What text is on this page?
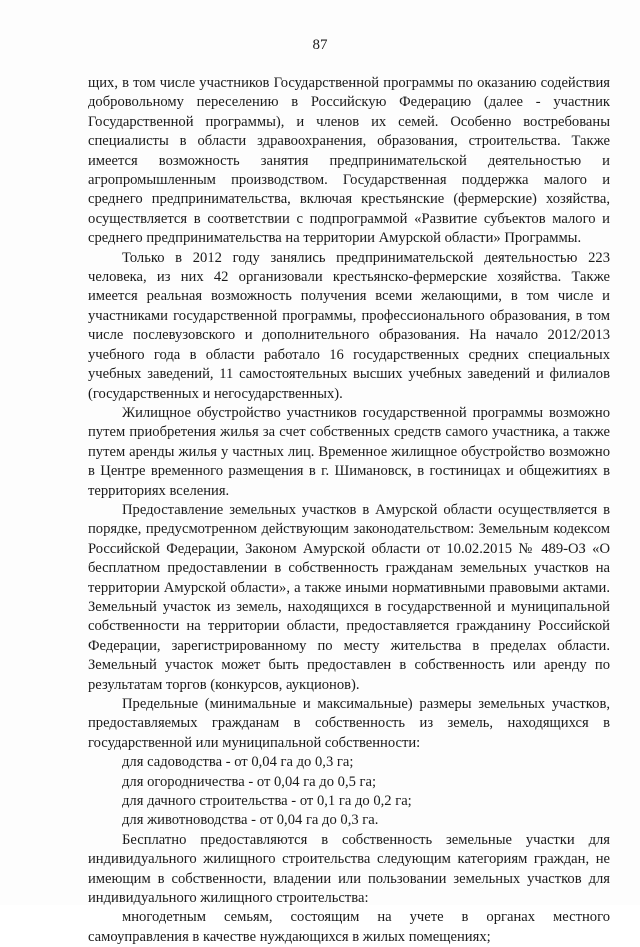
87

щих, в том числе участников Государственной программы по оказанию содействия добровольному переселению в Российскую Федерацию (далее - участник Государственной программы), и членов их семей. Особенно востребованы специалисты в области здравоохранения, образования, строительства. Также имеется возможность занятия предпринимательской деятельностью и агропромышленным производством. Государственная поддержка малого и среднего предпринимательства, включая крестьянские (фермерские) хозяйства, осуществляется в соответствии с подпрограммой «Развитие субъектов малого и среднего предпринимательства на территории Амурской области» Программы.

Только в 2012 году занялись предпринимательской деятельностью 223 человека, из них 42 организовали крестьянско-фермерские хозяйства. Также имеется реальная возможность получения всеми желающими, в том числе и участниками государственной программы, профессионального образования, в том числе послевузовского и дополнительного образования. На начало 2012/2013 учебного года в области работало 16 государственных средних специальных учебных заведений, 11 самостоятельных высших учебных заведений и филиалов (государственных и негосударственных).

Жилищное обустройство участников государственной программы возможно путем приобретения жилья за счет собственных средств самого участника, а также путем аренды жилья у частных лиц. Временное жилищное обустройство возможно в Центре временного размещения в г. Шимановск, в гостиницах и общежитиях в территориях вселения.

Предоставление земельных участков в Амурской области осуществляется в порядке, предусмотренном действующим законодательством: Земельным кодексом Российской Федерации, Законом Амурской области от 10.02.2015 № 489-ОЗ «О бесплатном предоставлении в собственность гражданам земельных участков на территории Амурской области», а также иными нормативными правовыми актами. Земельный участок из земель, находящихся в государственной и муниципальной собственности на территории области, предоставляется гражданину Российской Федерации, зарегистрированному по месту жительства в пределах области. Земельный участок может быть предоставлен в собственность или аренду по результатам торгов (конкурсов, аукционов).

Предельные (минимальные и максимальные) размеры земельных участков, предоставляемых гражданам в собственность из земель, находящихся в государственной или муниципальной собственности:

для садоводства - от 0,04 га до 0,3 га;

для огородничества - от 0,04 га до 0,5 га;

для дачного строительства - от 0,1 га до 0,2 га;

для животноводства - от 0,04 га до 0,3 га.

Бесплатно предоставляются в собственность земельные участки для индивидуального жилищного строительства следующим категориям граждан, не имеющим в собственности, владении или пользовании земельных участков для индивидуального жилищного строительства:

многодетным семьям, состоящим на учете в органах местного самоуправления в качестве нуждающихся в жилых помещениях;
